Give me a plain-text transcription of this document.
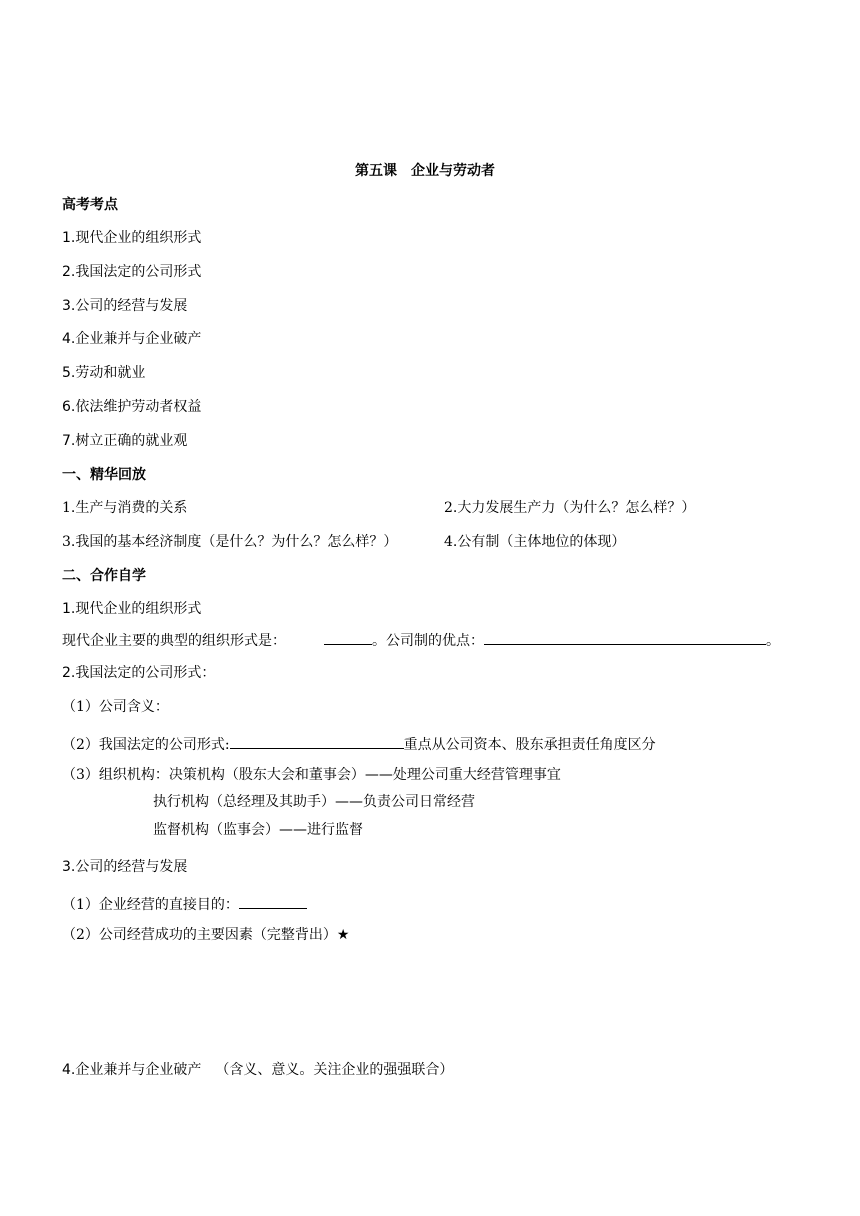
第五课　企业与劳动者
高考考点
1.现代企业的组织形式
2.我国法定的公司形式
3.公司的经营与发展
4.企业兼并与企业破产
5.劳动和就业
6.依法维护劳动者权益
7.树立正确的就业观
一、精华回放
1.生产与消费的关系	2.大力发展生产力（为什么？怎么样？）
3.我国的基本经济制度（是什么？为什么？怎么样？）	4.公有制（主体地位的体现）
二、合作自学
1.现代企业的组织形式
现代企业主要的典型的组织形式是：	。公司制的优点：	。
2.我国法定的公司形式：
（1）公司含义：
（2）我国法定的公司形式:	重点从公司资本、股东承担责任角度区分
（3）组织机构：决策机构（股东大会和董事会）——处理公司重大经营管理事宜
执行机构（总经理及其助手）——负责公司日常经营
监督机构（监事会）——进行监督
3.公司的经营与发展
（1）企业经营的直接目的：
（2）公司经营成功的主要因素（完整背出）★
4.企业兼并与企业破产 （含义、意义。关注企业的强强联合）
